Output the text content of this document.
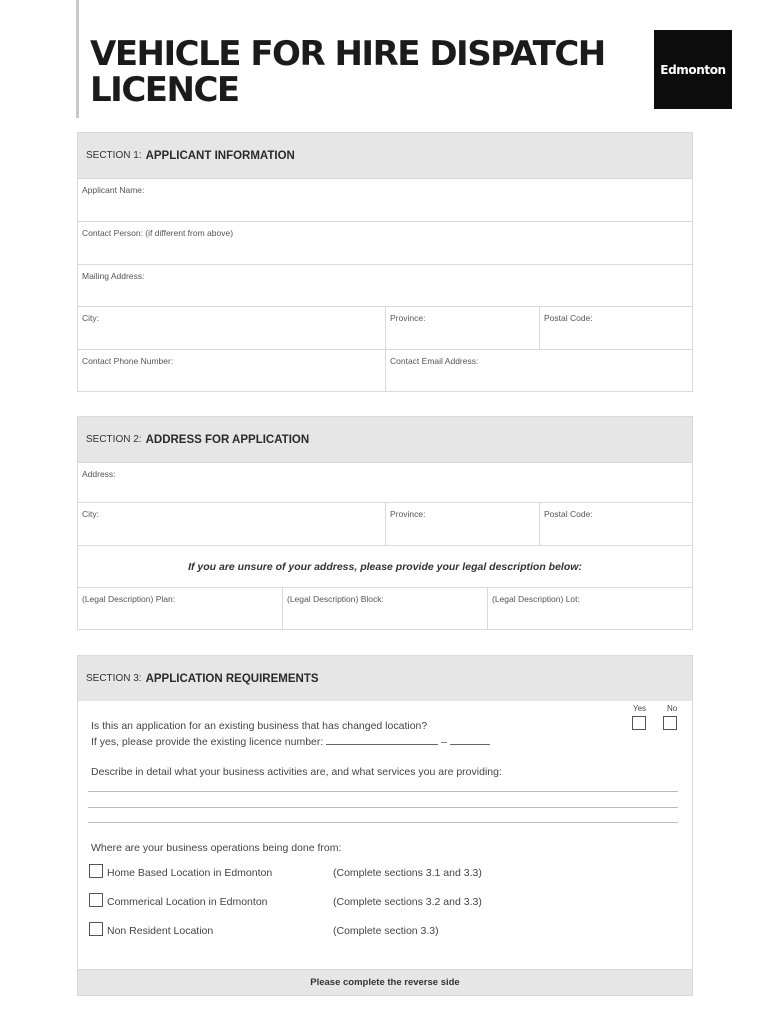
VEHICLE FOR HIRE DISPATCH LICENCE
Edmonton
SECTION 1: APPLICANT INFORMATION
Applicant Name:
Contact Person: (if different from above)
Mailing Address:
City:	Province:	Postal Code:
Contact Phone Number:	Contact Email Address:
SECTION 2: ADDRESS FOR APPLICATION
Address:
City:	Province:	Postal Code:
If you are unsure of your address, please provide your legal description below:
(Legal Description) Plan:	(Legal Description) Block:	(Legal Description) Lot:
SECTION 3: APPLICATION REQUIREMENTS
Yes	No
Is this an application for an existing business that has changed location?
If yes, please provide the existing licence number:	–
Describe in detail what your business activities are, and what services you are providing:
Where are your business operations being done from:
Home Based Location in Edmonton	(Complete sections 3.1 and 3.3)
Commerical Location in Edmonton	(Complete sections 3.2 and 3.3)
Non Resident Location	(Complete section 3.3)
Please complete the reverse side
